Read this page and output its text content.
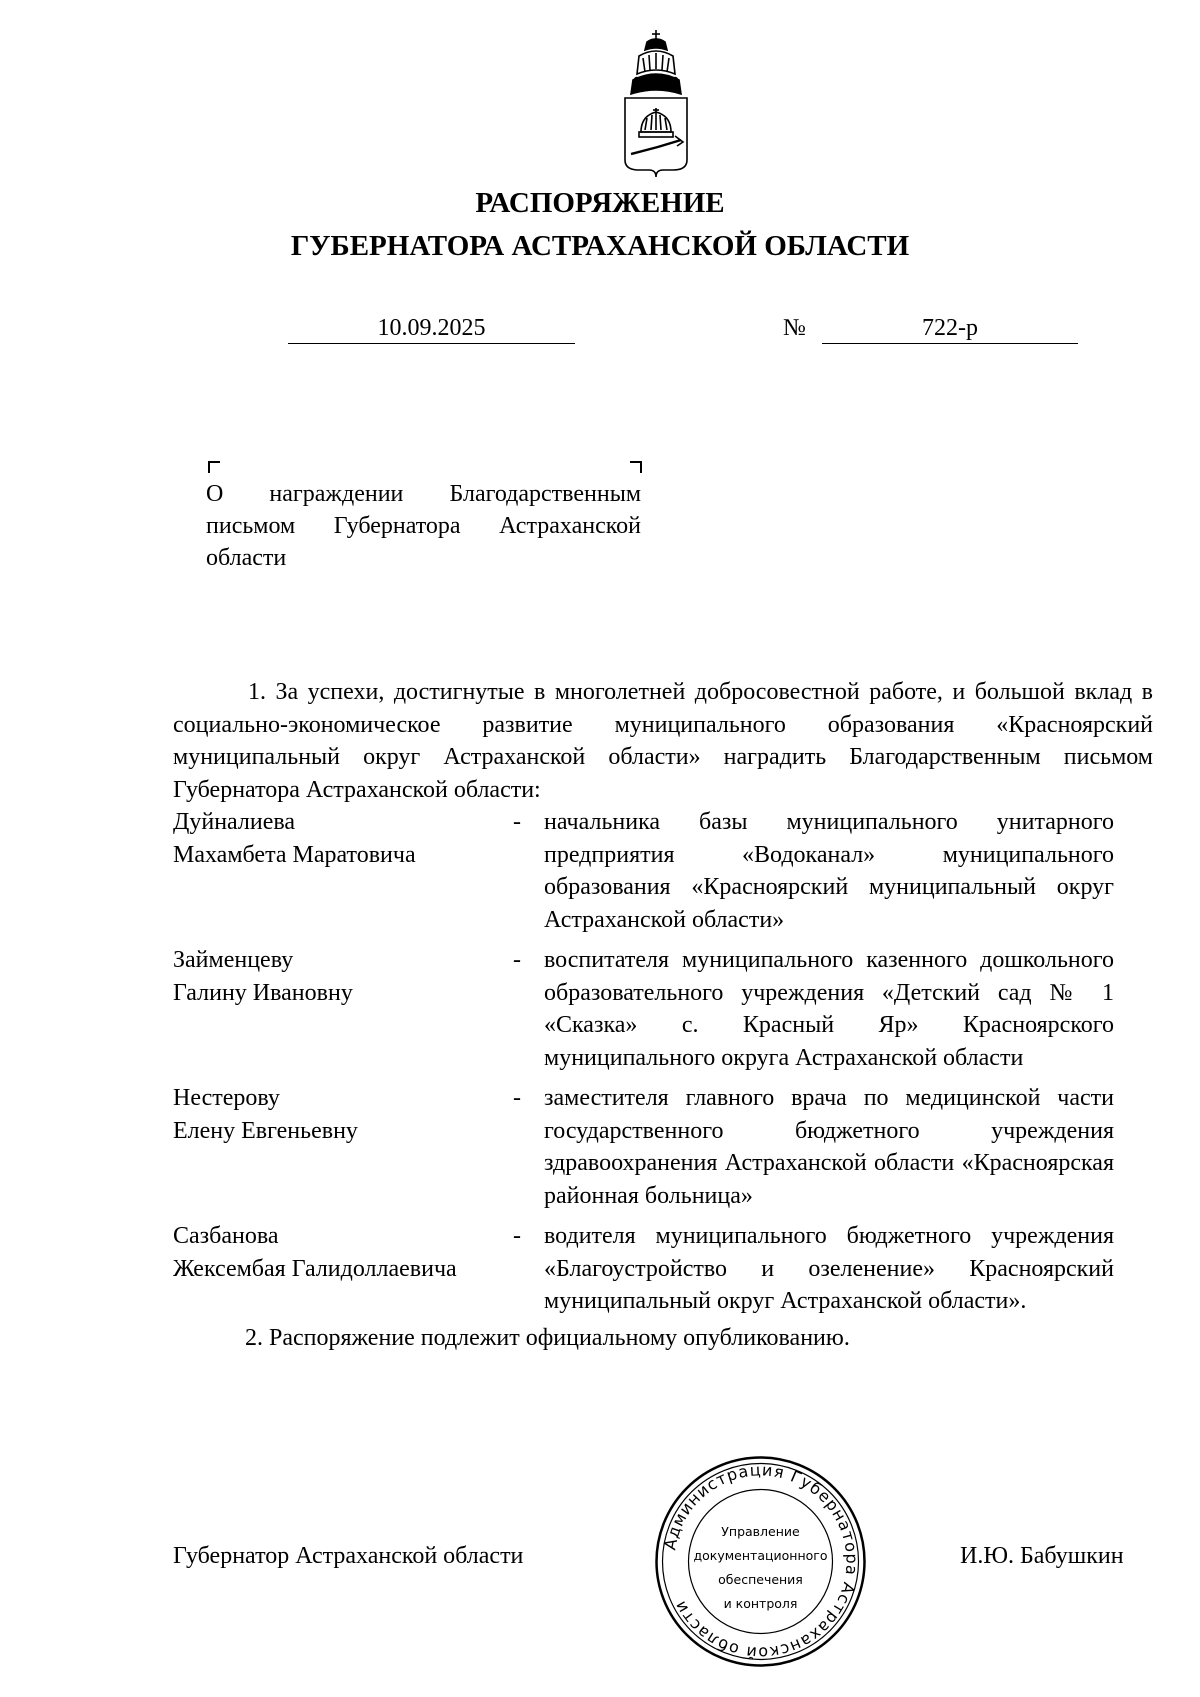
РАСПОРЯЖЕНИЕ
ГУБЕРНАТОРА АСТРАХАНСКОЙ ОБЛАСТИ
10.09.2025	№	722-р
О награждении Благодарственным письмом Губернатора Астраханской области
1. За успехи, достигнутые в многолетней добросовестной работе, и большой вклад в социально-экономическое развитие муниципального образования «Красноярский муниципальный округ Астраханской области» наградить Благодарственным письмом Губернатора Астраханской области:
Дуйналиева
Махамбета Маратовича
- начальника базы муниципального унитарного предприятия «Водоканал» муниципального образования «Красноярский муниципальный округ Астраханской области»
Займенцеву
Галину Ивановну
- воспитателя муниципального казенного дошкольного образовательного учреждения «Детский сад № 1 «Сказка» с. Красный Яр» Красноярского муниципального округа Астраханской области
Нестерову
Елену Евгеньевну
- заместителя главного врача по медицинской части государственного бюджетного учреждения здравоохранения Астраханской области «Красноярская районная больница»
Сазбанова
Жексембая Галидоллаевича
- водителя муниципального бюджетного учреждения «Благоустройство и озеленение» Красноярский муниципальный округ Астраханской области».
2. Распоряжение подлежит официальному опубликованию.
Губернатор Астраханской области	И.Ю. Бабушкин
Администрация Губернатора Астраханской области
Управление
документационного
обеспечения
и контроля
